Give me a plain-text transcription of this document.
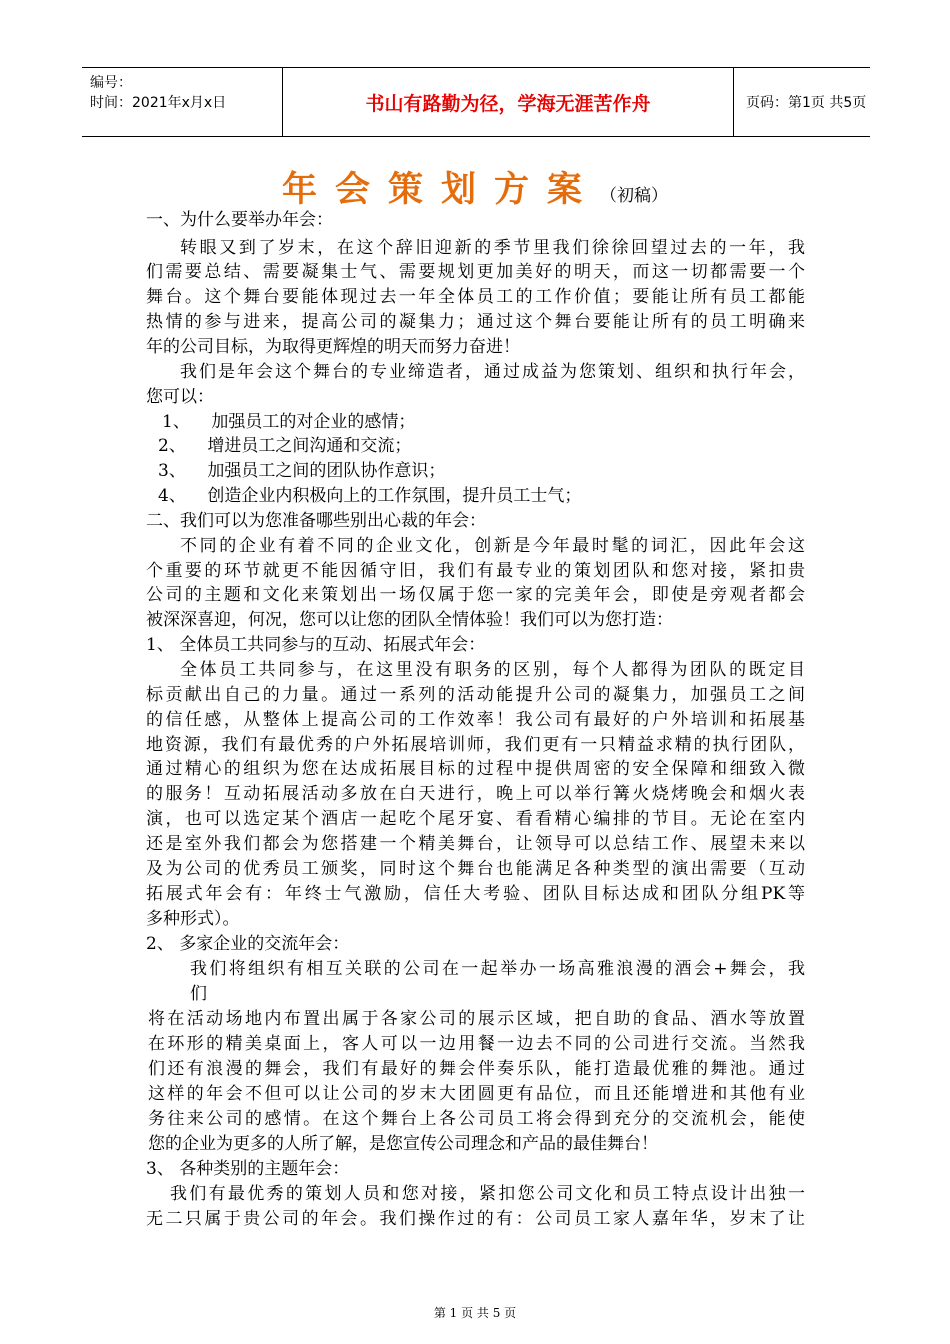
编号：
时间：2021年x月x日	书山有路勤为径，学海无涯苦作舟	页码：第1页 共5页
年会策划方案（初稿）
一、为什么要举办年会：
转眼又到了岁末，在这个辞旧迎新的季节里我们徐徐回望过去的一年，我
们需要总结、需要凝集士气、需要规划更加美好的明天，而这一切都需要一个
舞台。这个舞台要能体现过去一年全体员工的工作价值；要能让所有员工都能
热情的参与进来，提高公司的凝集力；通过这个舞台要能让所有的员工明确来
年的公司目标，为取得更辉煌的明天而努力奋进！
我们是年会这个舞台的专业缔造者，通过成益为您策划、组织和执行年会，
您可以：
1、    加强员工的对企业的感情；
2、    增进员工之间沟通和交流；
3、    加强员工之间的团队协作意识；
4、    创造企业内积极向上的工作氛围，提升员工士气；
二、我们可以为您准备哪些别出心裁的年会：
不同的企业有着不同的企业文化，创新是今年最时髦的词汇，因此年会这
个重要的环节就更不能因循守旧，我们有最专业的策划团队和您对接，紧扣贵
公司的主题和文化来策划出一场仅属于您一家的完美年会，即使是旁观者都会
被深深喜迎，何况，您可以让您的团队全情体验！我们可以为您打造：
1、 全体员工共同参与的互动、拓展式年会：
全体员工共同参与，在这里没有职务的区别，每个人都得为团队的既定目
标贡献出自己的力量。通过一系列的活动能提升公司的凝集力，加强员工之间
的信任感，从整体上提高公司的工作效率！我公司有最好的户外培训和拓展基
地资源，我们有最优秀的户外拓展培训师，我们更有一只精益求精的执行团队，
通过精心的组织为您在达成拓展目标的过程中提供周密的安全保障和细致入微
的服务！互动拓展活动多放在白天进行，晚上可以举行篝火烧烤晚会和烟火表
演，也可以选定某个酒店一起吃个尾牙宴、看看精心编排的节目。无论在室内
还是室外我们都会为您搭建一个精美舞台，让领导可以总结工作、展望未来以
及为公司的优秀员工颁奖，同时这个舞台也能满足各种类型的演出需要（互动
拓展式年会有：年终士气激励，信任大考验、团队目标达成和团队分组PK等
多种形式）。
2、 多家企业的交流年会：
我们将组织有相互关联的公司在一起举办一场高雅浪漫的酒会+舞会，我
们
将在活动场地内布置出属于各家公司的展示区域，把自助的食品、酒水等放置
在环形的精美桌面上，客人可以一边用餐一边去不同的公司进行交流。当然我
们还有浪漫的舞会，我们有最好的舞会伴奏乐队，能打造最优雅的舞池。通过
这样的年会不但可以让公司的岁末大团圆更有品位，而且还能增进和其他有业
务往来公司的感情。在这个舞台上各公司员工将会得到充分的交流机会，能使
您的企业为更多的人所了解，是您宣传公司理念和产品的最佳舞台！
3、 各种类别的主题年会：
我们有最优秀的策划人员和您对接，紧扣您公司文化和员工特点设计出独一
无二只属于贵公司的年会。我们操作过的有：公司员工家人嘉年华，岁末了让
第 1 页 共 5 页
